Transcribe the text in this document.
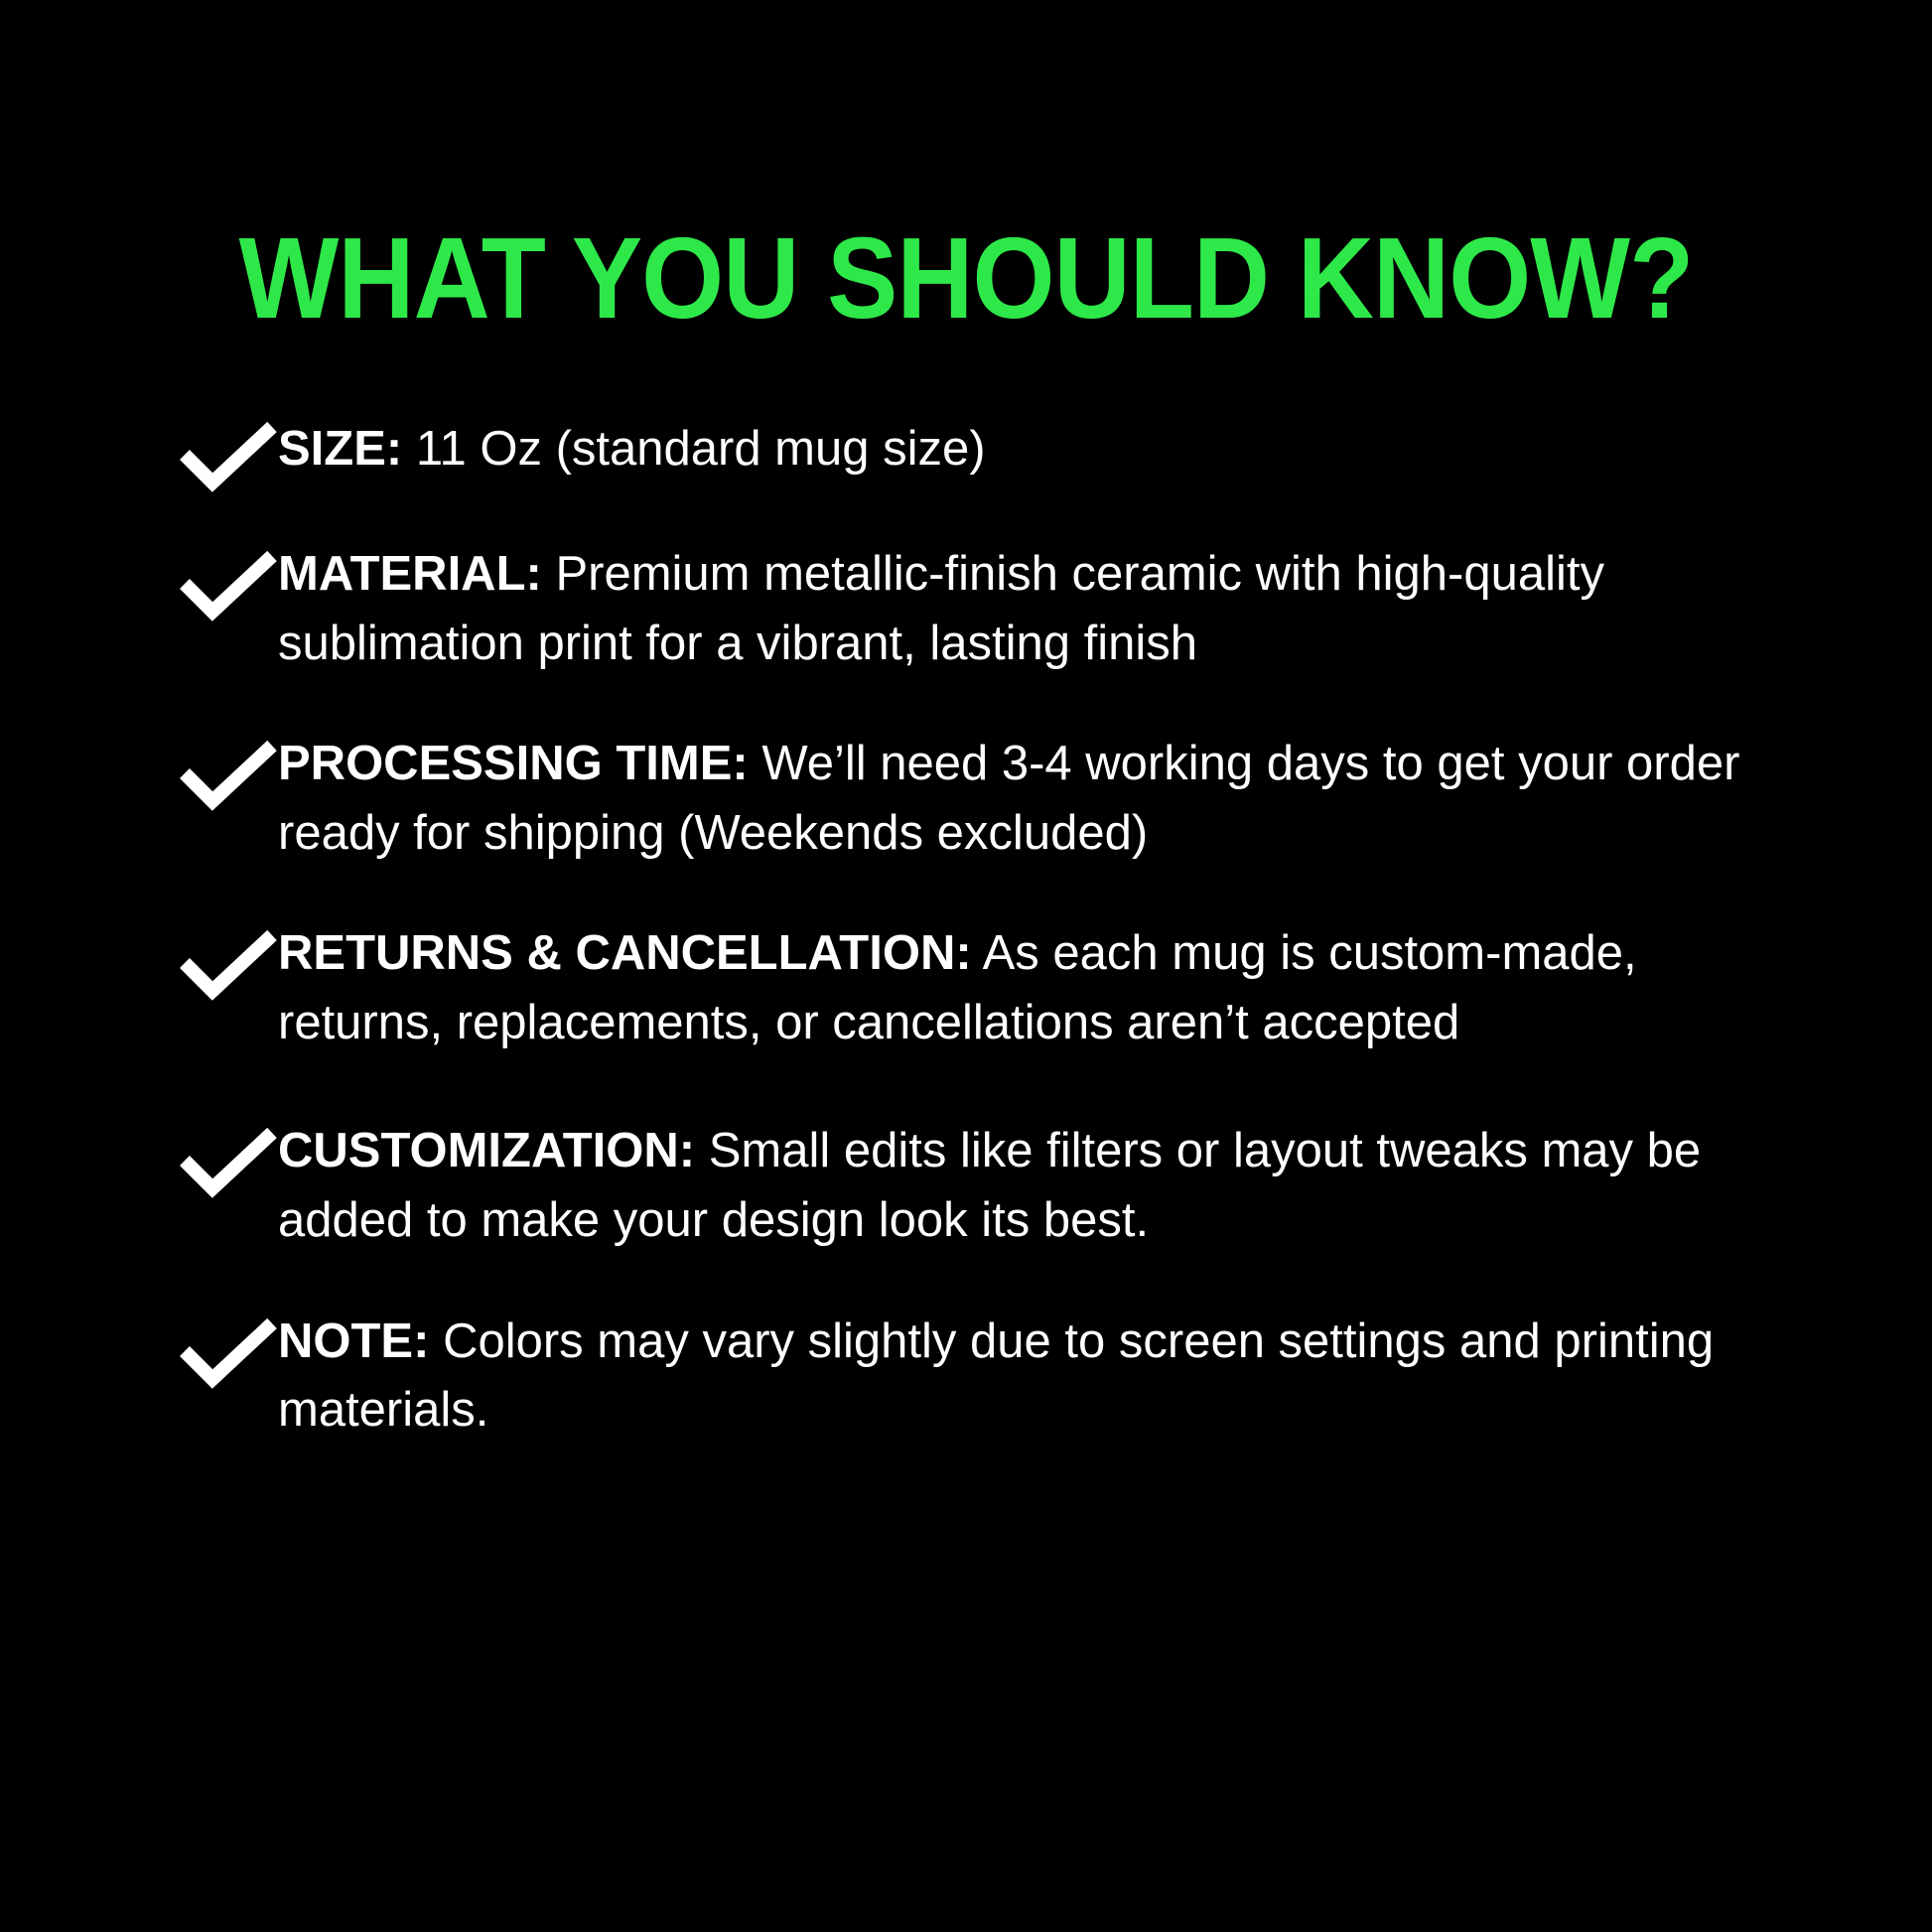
WHAT YOU SHOULD KNOW?
SIZE: 11 Oz (standard mug size)
MATERIAL: Premium metallic-finish ceramic with high-quality sublimation print for a vibrant, lasting finish
PROCESSING TIME: We’ll need 3-4 working days to get your order ready for shipping (Weekends excluded)
RETURNS & CANCELLATION: As each mug is custom-made, returns, replacements, or cancellations aren’t accepted
CUSTOMIZATION: Small edits like filters or layout tweaks may be added to make your design look its best.
NOTE: Colors may vary slightly due to screen settings and printing materials.
